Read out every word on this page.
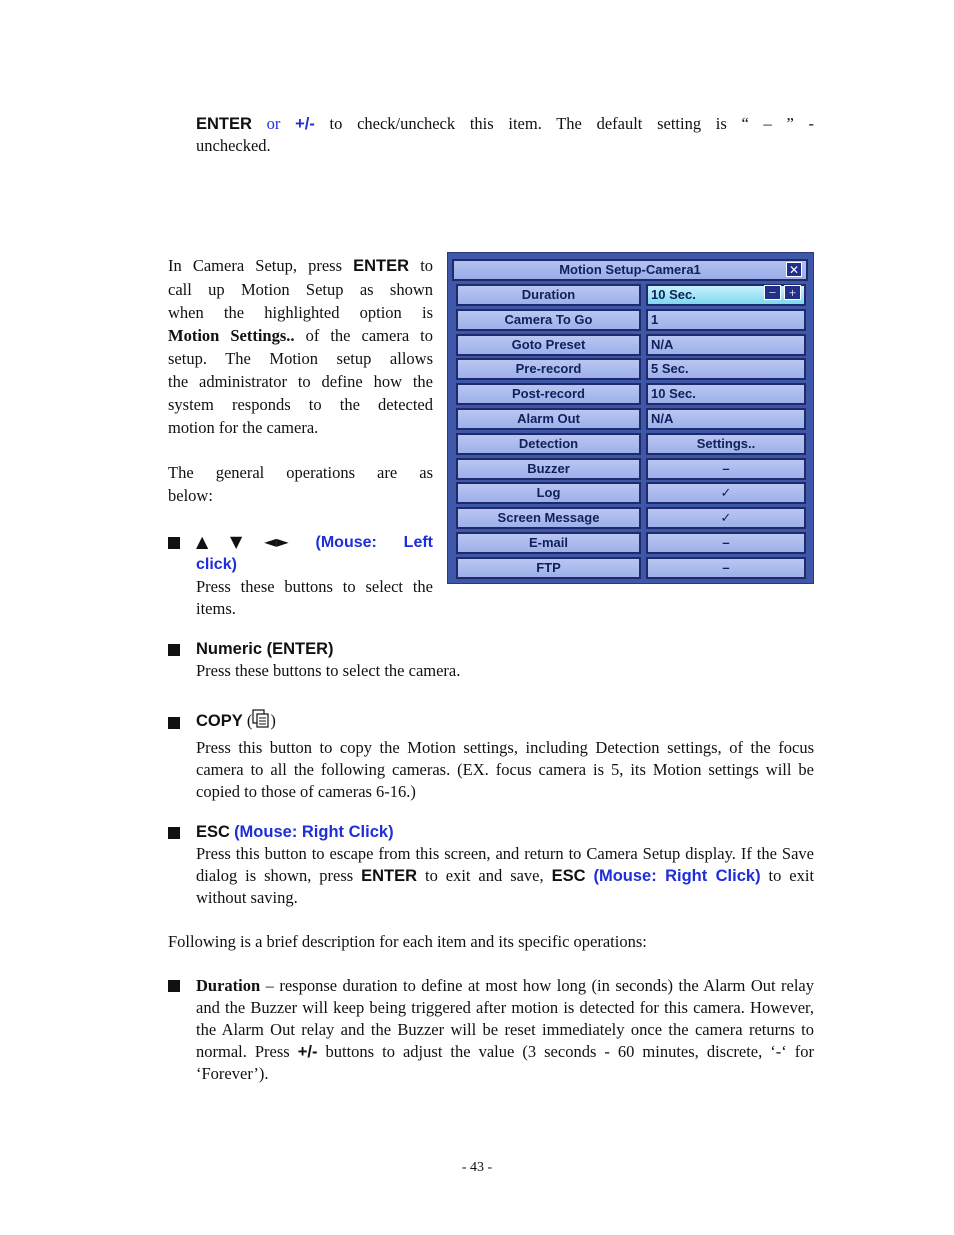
ENTER or +/- to check/uncheck this item. The default setting is “ – ” -

unchecked.

In Camera Setup, press ENTER to

call up Motion Setup as shown

when the highlighted option is

Motion Settings.. of the camera to

setup. The Motion setup allows

the administrator to define how the

system responds to the detected

motion for the camera.

The general operations are as

below:

▲▼◄► (Mouse: Left

click)

Press these buttons to select the

items.

Numeric (ENTER)

Press these buttons to select the camera.

COPY ( )

Press this button to copy the Motion settings, including Detection settings, of the focus camera to all the following cameras. (EX. focus camera is 5, its Motion settings will be copied to those of cameras 6-16.)

ESC (Mouse: Right Click)

Press this button to escape from this screen, and return to Camera Setup display. If the Save dialog is shown, press ENTER to exit and save, ESC (Mouse: Right Click) to exit without saving.

Following is a brief description for each item and its specific operations:

Duration – response duration to define at most how long (in seconds) the Alarm Out relay and the Buzzer will keep being triggered after motion is detected for this camera. However, the Alarm Out relay and the Buzzer will be reset immediately once the camera returns to normal. Press +/- buttons to adjust the value (3 seconds - 60 minutes, discrete, ‘-‘ for ‘Forever’).

Motion Setup-Camera1	✕
Duration	10 Sec.	− +
Camera To Go	1
Goto Preset	N/A
Pre-record	5 Sec.
Post-record	10 Sec.
Alarm Out	N/A
Detection	Settings..
Buzzer	–
Log	✓
Screen Message	✓
E-mail	–
FTP	–
- 43 -
